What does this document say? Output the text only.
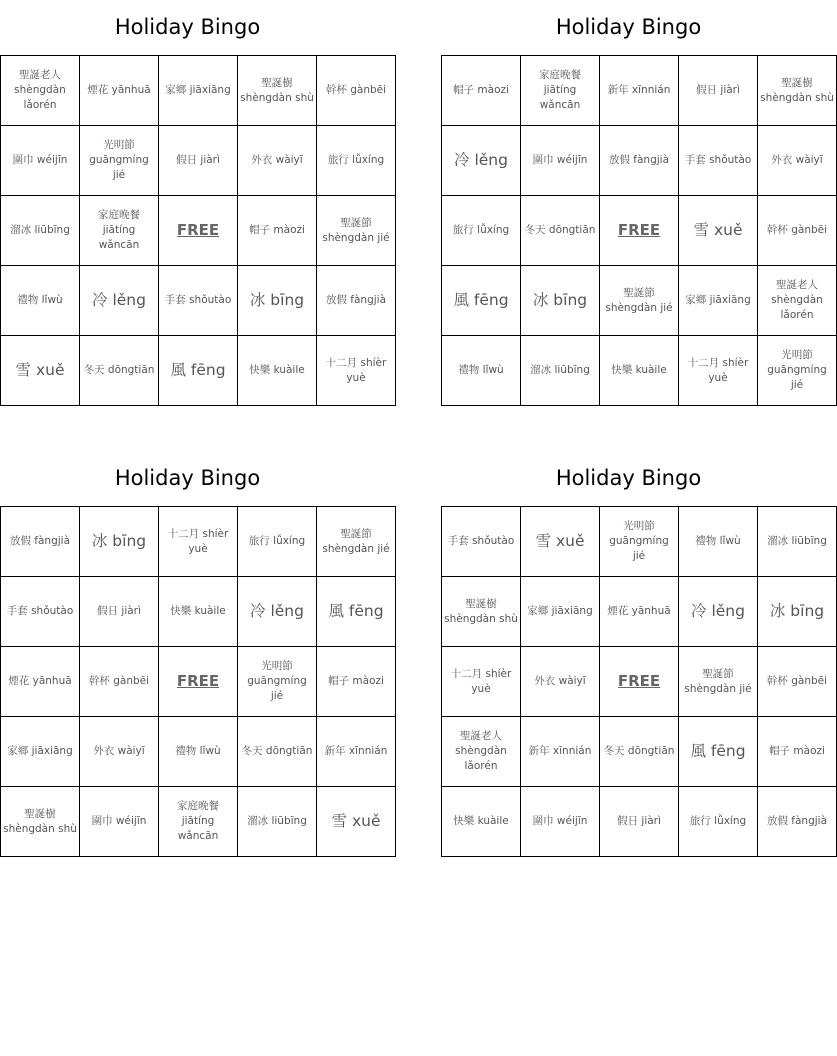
Holiday Bingo
聖誕老人 shèngdàn lǎorén	煙花 yānhuā	家鄉 jiāxiāng	聖誕樹 shèngdàn shù	幹杯 gànbēi
圍巾 wéijīn	光明節 guāngmíng jié	假日 jiàrì	外衣 wàiyī	旅行 lǚxíng
溜冰 liūbīng	家庭晚餐 jiātíng wǎncān	FREE	帽子 màozi	聖誕節 shèngdàn jié
禮物 lǐwù	冷 lěng	手套 shǒutào	冰 bīng	放假 fàngjià
雪 xuě	冬天 dōngtiān	風 fēng	快樂 kuàile	十二月 shíèr yuè
Holiday Bingo
帽子 màozi	家庭晚餐 jiātíng wǎncān	新年 xīnnián	假日 jiàrì	聖誕樹 shèngdàn shù
冷 lěng	圍巾 wéijīn	放假 fàngjià	手套 shǒutào	外衣 wàiyī
旅行 lǚxíng	冬天 dōngtiān	FREE	雪 xuě	幹杯 gànbēi
風 fēng	冰 bīng	聖誕節 shèngdàn jié	家鄉 jiāxiāng	聖誕老人 shèngdàn lǎorén
禮物 lǐwù	溜冰 liūbīng	快樂 kuàile	十二月 shíèr yuè	光明節 guāngmíng jié
Holiday Bingo
放假 fàngjià	冰 bīng	十二月 shíèr yuè	旅行 lǚxíng	聖誕節 shèngdàn jié
手套 shǒutào	假日 jiàrì	快樂 kuàile	冷 lěng	風 fēng
煙花 yānhuā	幹杯 gànbēi	FREE	光明節 guāngmíng jié	帽子 màozi
家鄉 jiāxiāng	外衣 wàiyī	禮物 lǐwù	冬天 dōngtiān	新年 xīnnián
聖誕樹 shèngdàn shù	圍巾 wéijīn	家庭晚餐 jiātíng wǎncān	溜冰 liūbīng	雪 xuě
Holiday Bingo
手套 shǒutào	雪 xuě	光明節 guāngmíng jié	禮物 lǐwù	溜冰 liūbīng
聖誕樹 shèngdàn shù	家鄉 jiāxiāng	煙花 yānhuā	冷 lěng	冰 bīng
十二月 shíèr yuè	外衣 wàiyī	FREE	聖誕節 shèngdàn jié	幹杯 gànbēi
聖誕老人 shèngdàn lǎorén	新年 xīnnián	冬天 dōngtiān	風 fēng	帽子 màozi
快樂 kuàile	圍巾 wéijīn	假日 jiàrì	旅行 lǚxíng	放假 fàngjià
